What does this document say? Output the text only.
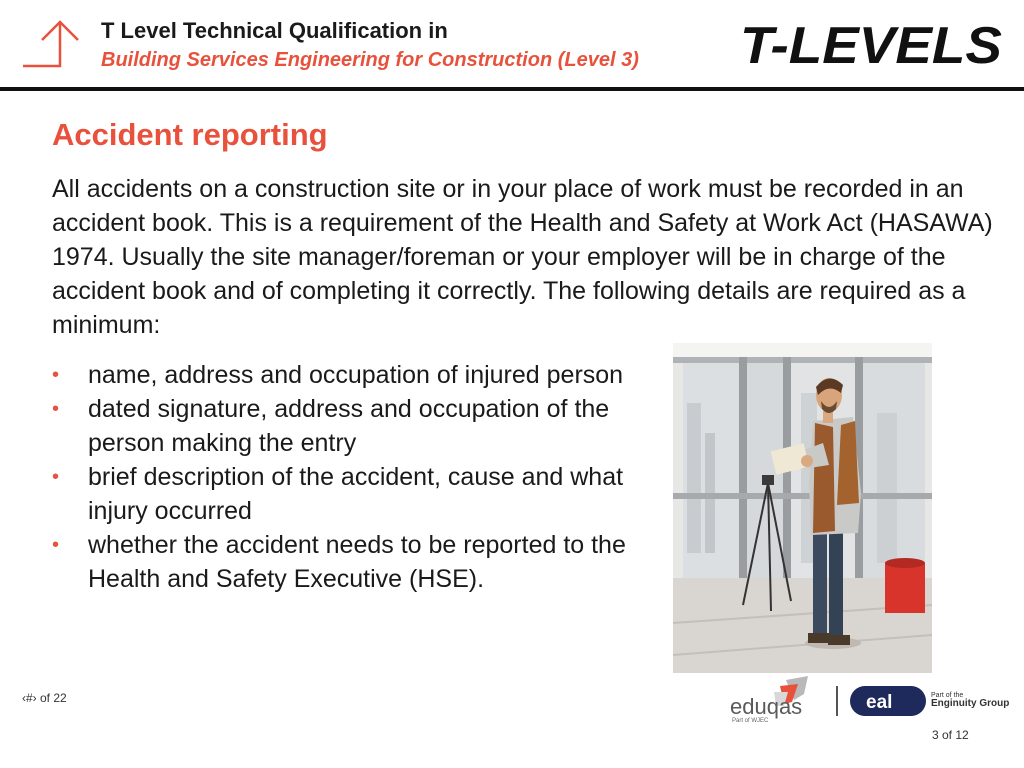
T Level Technical Qualification in
Building Services Engineering for Construction (Level 3) T-LEVELS
Accident reporting

All accidents on a construction site or in your place of work must be recorded in an accident book. This is a requirement of the Health and Safety at Work Act (HASAWA) 1974. Usually the site manager/foreman or your employer will be in charge of the accident book and of completing it correctly. The following details are required as a minimum:

• name, address and occupation of injured person
• dated signature, address and occupation of the person making the entry
• brief description of the accident, cause and what injury occurred
• whether the accident needs to be reported to the Health and Safety Executive (HSE).
‹#› of 22	eduqas
Part of WJEC
eal	Part of the
Enginuity Group
3 of 12
